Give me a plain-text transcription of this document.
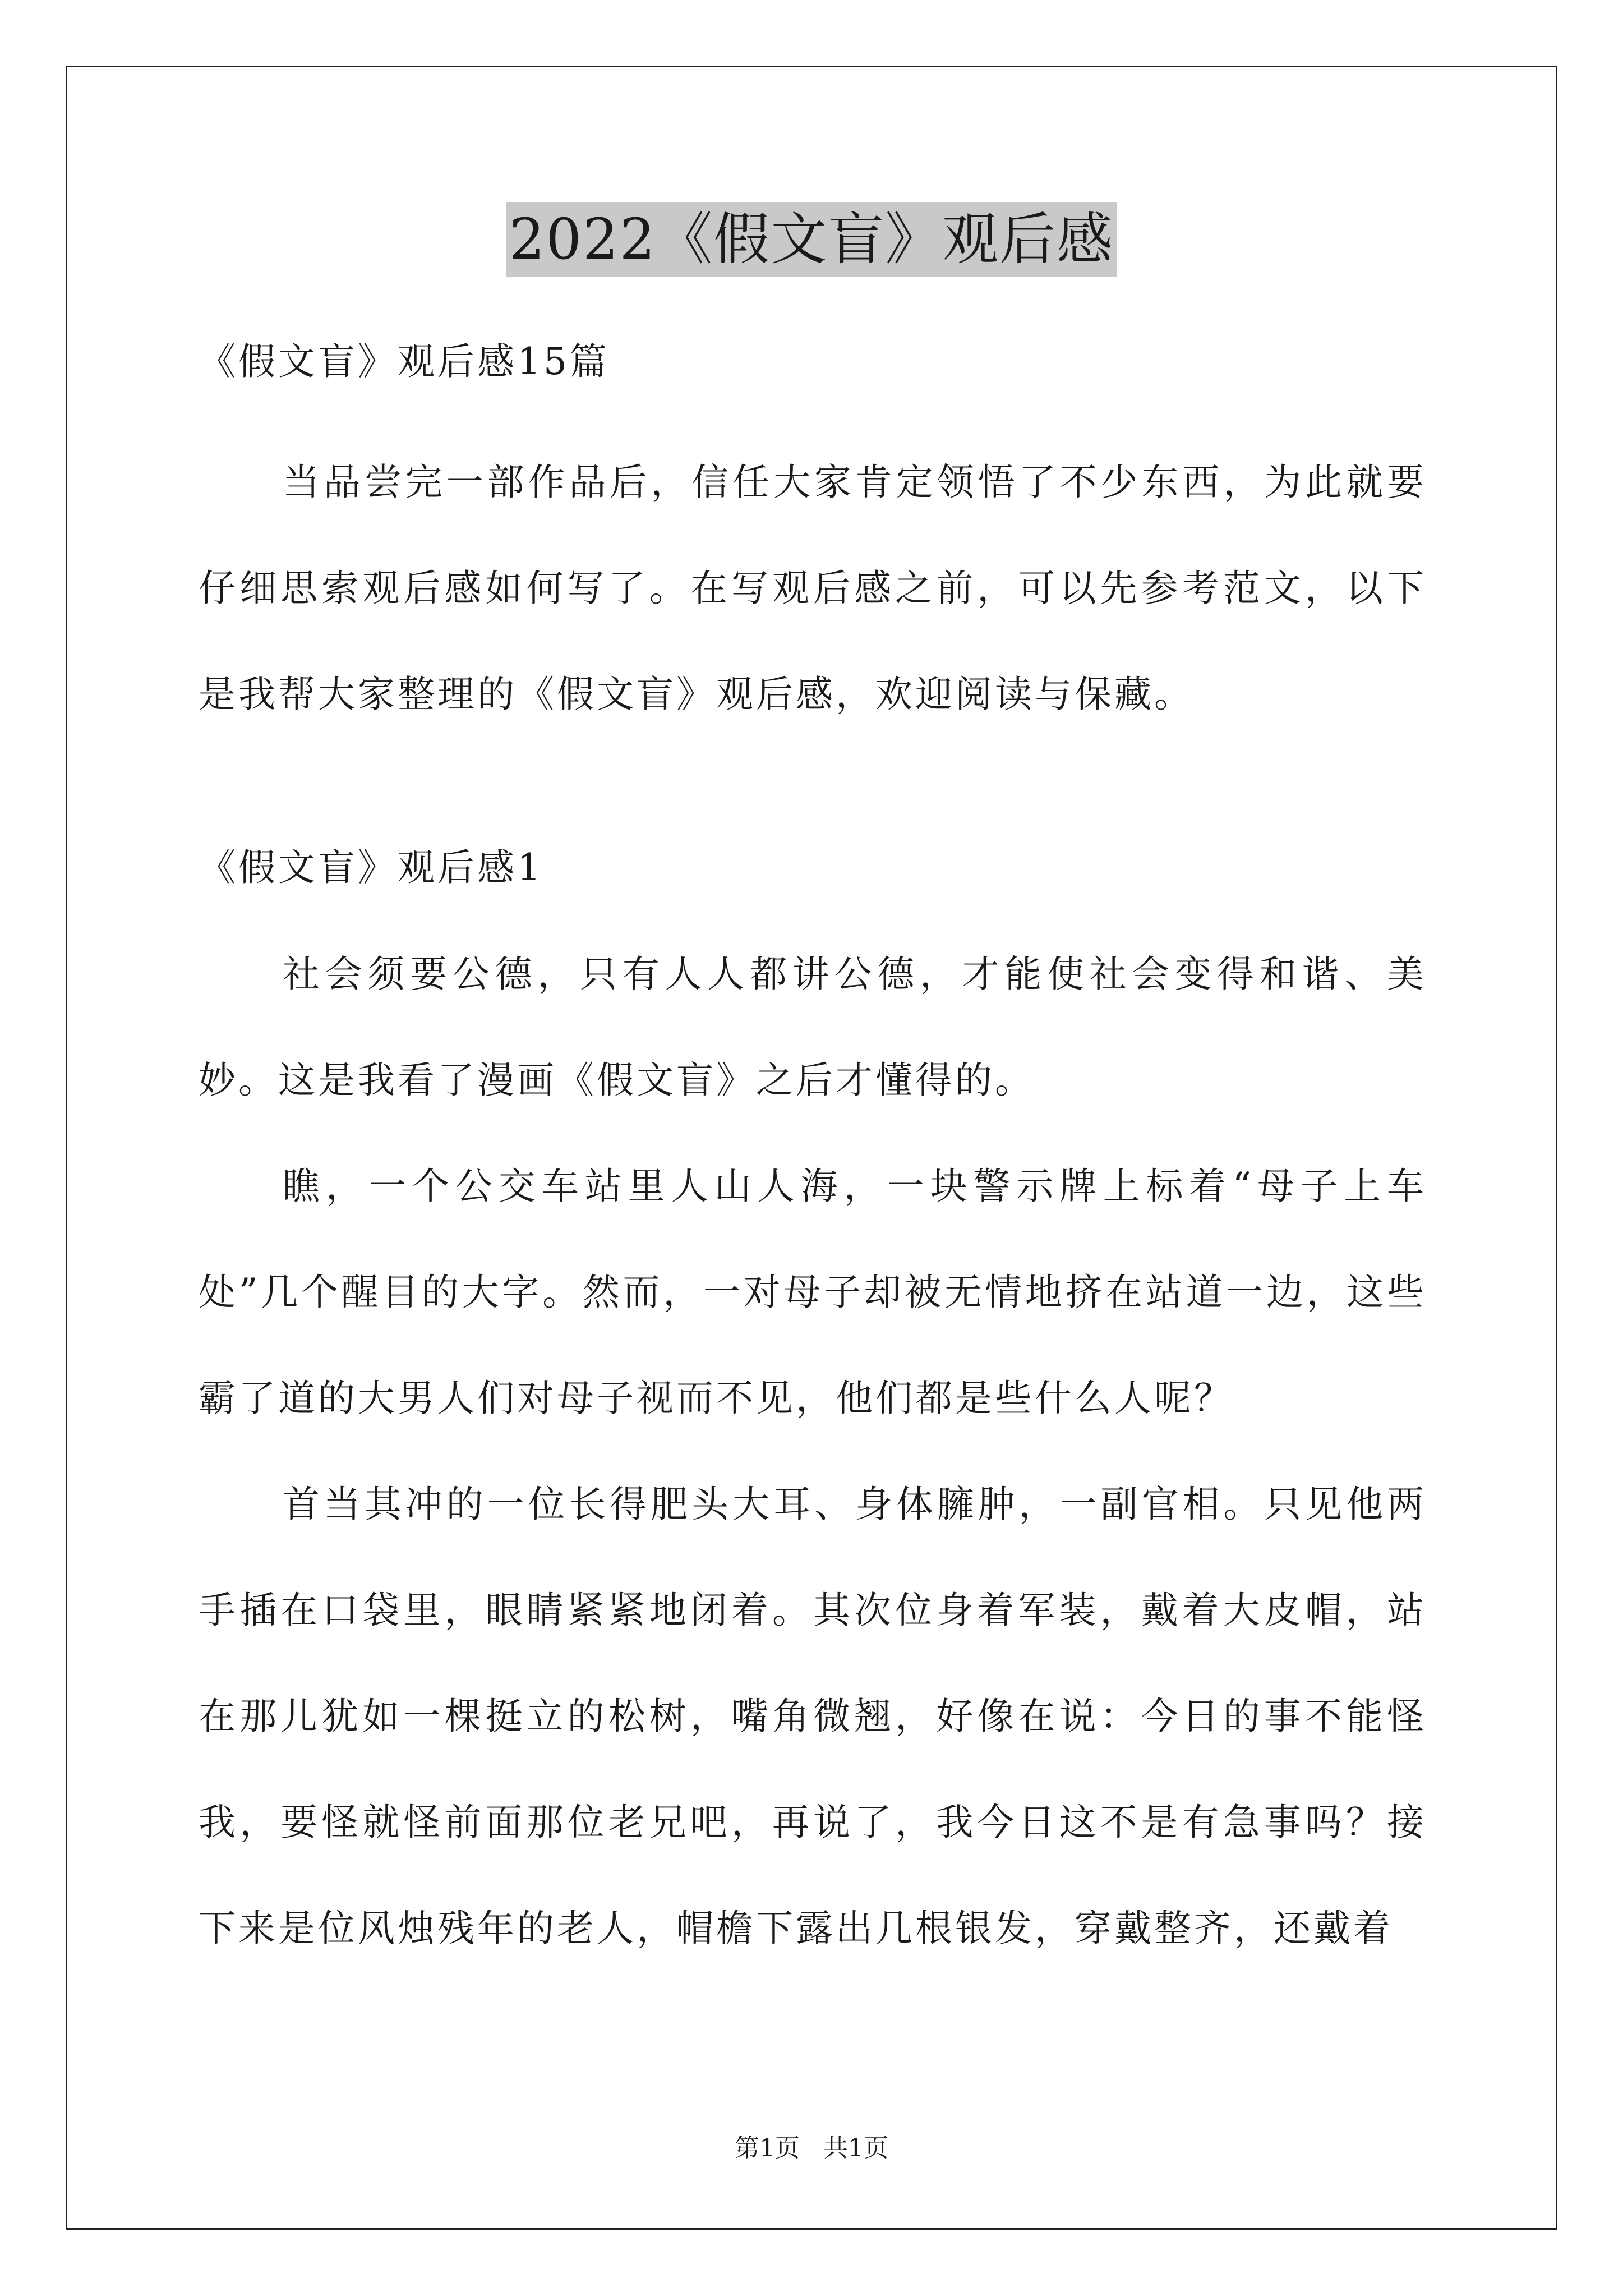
2022《假文盲》观后感

《假文盲》观后感15篇

当品尝完一部作品后，信任大家肯定领悟了不少东西，为此就要仔细思索观后感如何写了。在写观后感之前，可以先参考范文，以下是我帮大家整理的《假文盲》观后感，欢迎阅读与保藏。

《假文盲》观后感1

社会须要公德，只有人人都讲公德，才能使社会变得和谐、美妙。这是我看了漫画《假文盲》之后才懂得的。

瞧，一个公交车站里人山人海，一块警示牌上标着“母子上车处”几个醒目的大字。然而，一对母子却被无情地挤在站道一边，这些霸了道的大男人们对母子视而不见，他们都是些什么人呢？

首当其冲的一位长得肥头大耳、身体臃肿，一副官相。只见他两手插在口袋里，眼睛紧紧地闭着。其次位身着军装，戴着大皮帽，站在那儿犹如一棵挺立的松树，嘴角微翘，好像在说：今日的事不能怪我，要怪就怪前面那位老兄吧，再说了，我今日这不是有急事吗？接下来是位风烛残年的老人，帽檐下露出几根银发，穿戴整齐，还戴着

第1页   共1页
